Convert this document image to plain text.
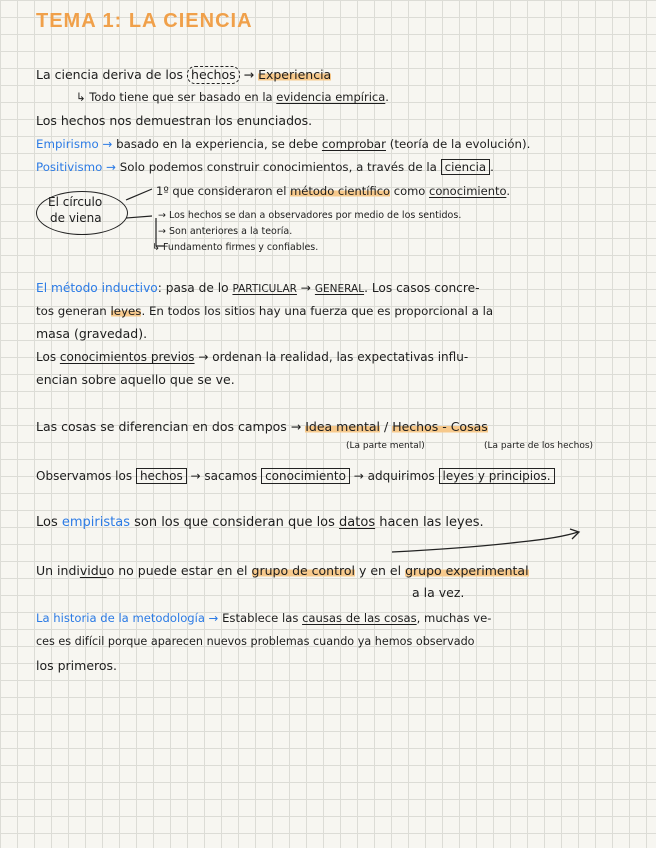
TEMA 1: LA CIENCIA
La ciencia deriva de los hechos → Experiencia
↳ Todo tiene que ser basado en la evidencia empírica.
Los hechos nos demuestran los enunciados.
Empirismo → basado en la experiencia, se debe comprobar (teoría de la evolución).
Positivismo → Solo podemos construir conocimientos, a través de la ciencia .
El círculo
de viena
1º que consideraron el método científico como conocimiento.
→ Los hechos se dan a observadores por medio de los sentidos.
→ Son anteriores a la teoría.
↳ Fundamento firmes y confiables.
El método inductivo: pasa de lo PARTICULAR → GENERAL. Los casos concre-
tos generan leyes. En todos los sitios hay una fuerza que es proporcional a la
masa (gravedad).
Los conocimientos previos → ordenan la realidad, las expectativas influ-
encian sobre aquello que se ve.
Las cosas se diferencian en dos campos → Idea mental / Hechos - Cosas
(La parte mental)	(La parte de los hechos)
Observamos los hechos → sacamos conocimiento → adquirimos leyes y principios.
Los empiristas son los que consideran que los datos hacen las leyes.
Un individuo no puede estar en el grupo de control y en el grupo experimental
a la vez.
La historia de la metodología → Establece las causas de las cosas, muchas ve-
ces es difícil porque aparecen nuevos problemas cuando ya hemos observado
los primeros.
